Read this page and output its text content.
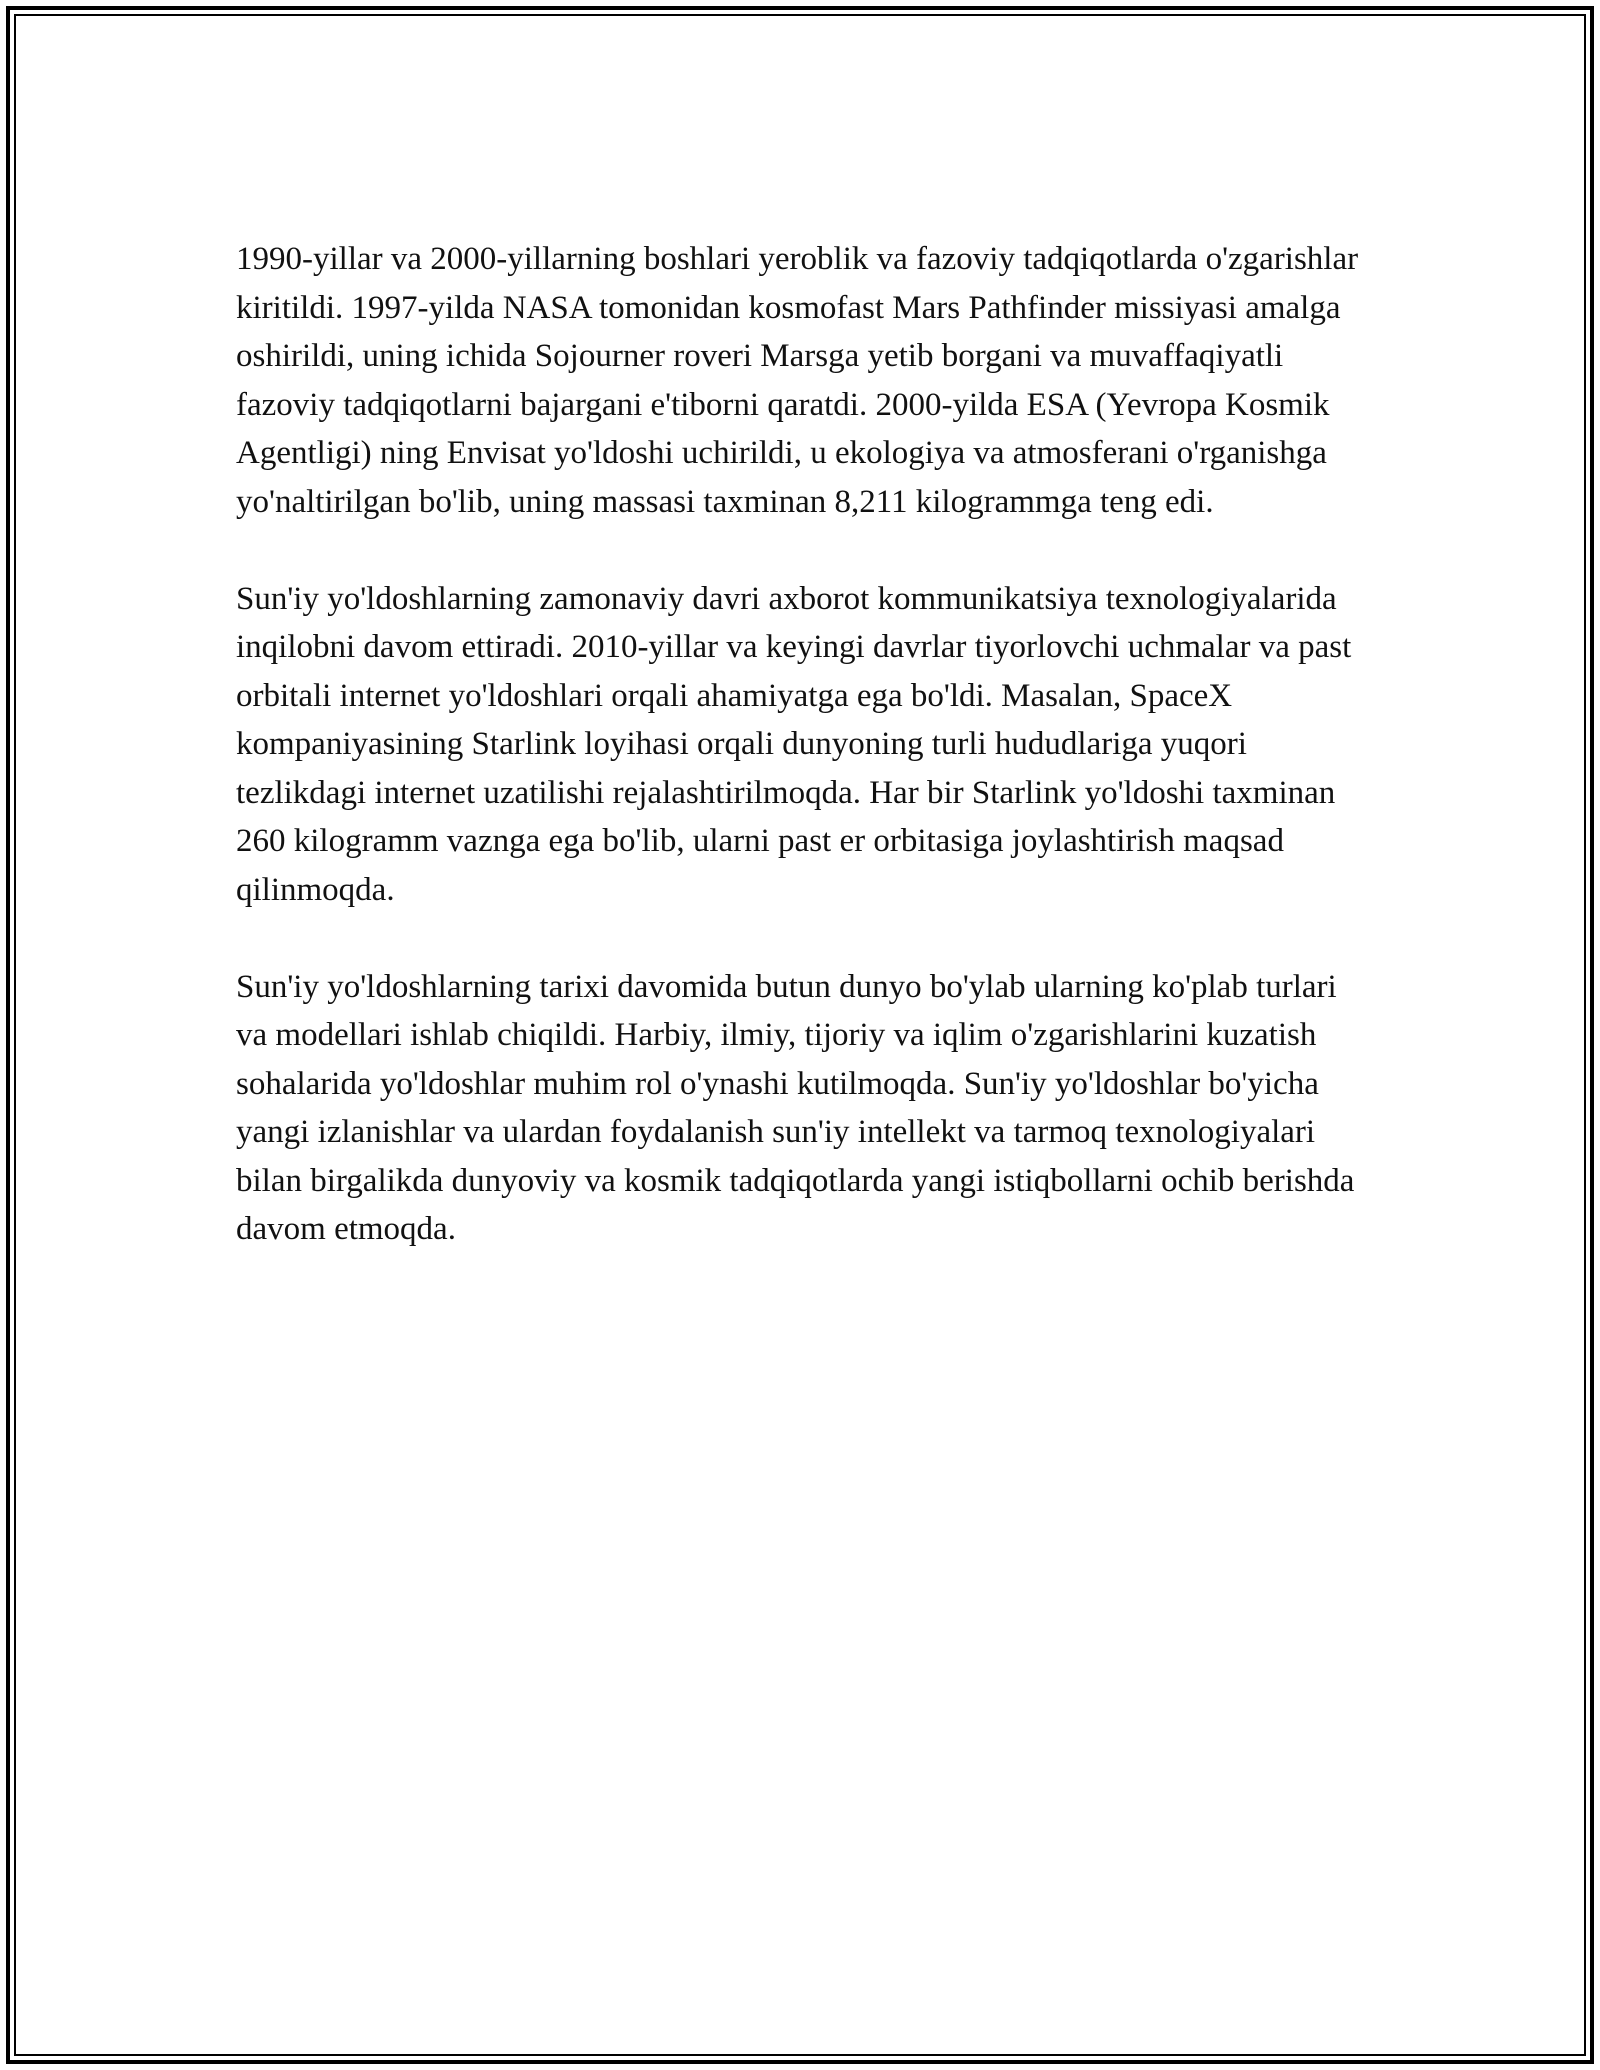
1990-yillar va 2000-yillarning boshlari yeroblik va fazoviy tadqiqotlarda o'zgarishlar kiritildi. 1997-yilda NASA tomonidan kosmofast Mars Pathfinder missiyasi amalga oshirildi, uning ichida Sojourner roveri Marsga yetib borgani va muvaffaqiyatli fazoviy tadqiqotlarni bajargani e'tiborni qaratdi. 2000-yilda ESA (Yevropa Kosmik Agentligi) ning Envisat yo'ldoshi uchirildi, u ekologiya va atmosferani o'rganishga yo'naltirilgan bo'lib, uning massasi taxminan 8,211 kilogrammga teng edi.

Sun'iy yo'ldoshlarning zamonaviy davri axborot kommunikatsiya texnologiyalarida inqilobni davom ettiradi. 2010-yillar va keyingi davrlar tiyorlovchi uchmalar va past orbitali internet yo'ldoshlari orqali ahamiyatga ega bo'ldi. Masalan, SpaceX kompaniyasining Starlink loyihasi orqali dunyoning turli hududlariga yuqori tezlikdagi internet uzatilishi rejalashtirilmoqda. Har bir Starlink yo'ldoshi taxminan 260 kilogramm vaznga ega bo'lib, ularni past er orbitasiga joylashtirish maqsad qilinmoqda.

Sun'iy yo'ldoshlarning tarixi davomida butun dunyo bo'ylab ularning ko'plab turlari va modellari ishlab chiqildi. Harbiy, ilmiy, tijoriy va iqlim o'zgarishlarini kuzatish sohalarida yo'ldoshlar muhim rol o'ynashi kutilmoqda. Sun'iy yo'ldoshlar bo'yicha yangi izlanishlar va ulardan foydalanish sun'iy intellekt va tarmoq texnologiyalari bilan birgalikda dunyoviy va kosmik tadqiqotlarda yangi istiqbollarni ochib berishda davom etmoqda.
